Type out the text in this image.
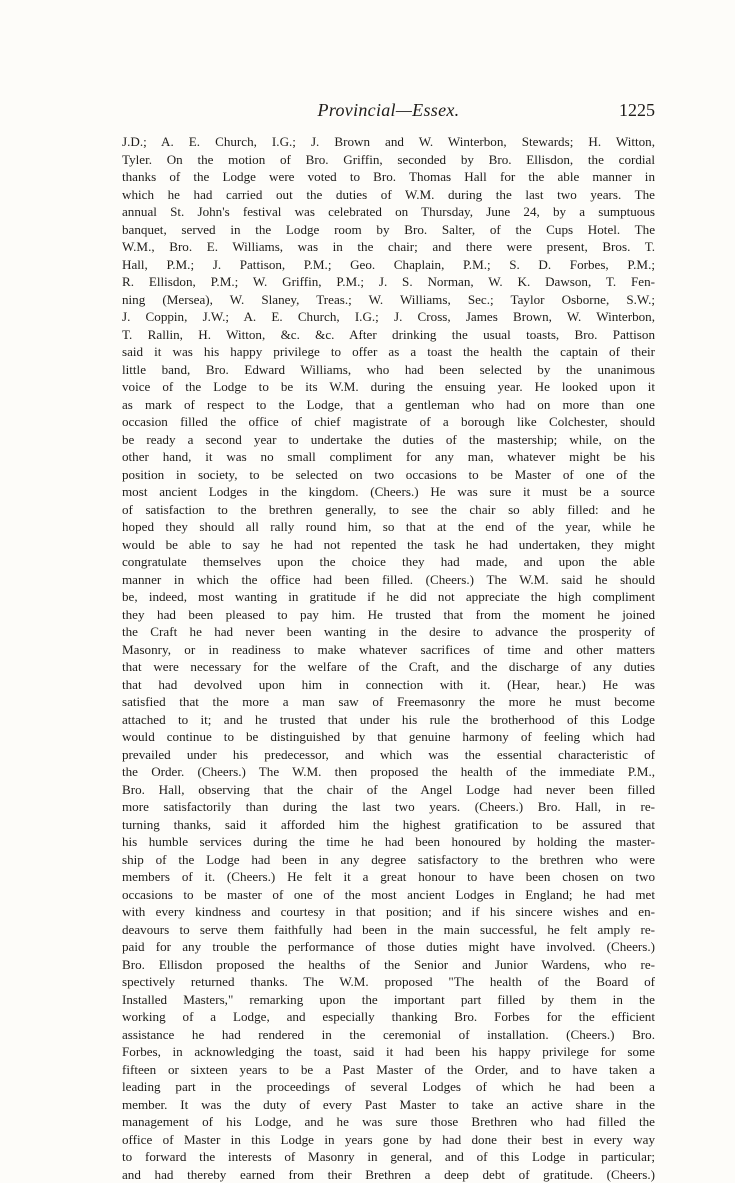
Provincial—Essex.	1225
J.D.; A. E. Church, I.G.; J. Brown and W. Winterbon, Stewards; H. Witton,
Tyler. On the motion of Bro. Griffin, seconded by Bro. Ellisdon, the cordial
thanks of the Lodge were voted to Bro. Thomas Hall for the able manner in
which he had carried out the duties of W.M. during the last two years. The
annual St. John's festival was celebrated on Thursday, June 24, by a sumptuous
banquet, served in the Lodge room by Bro. Salter, of the Cups Hotel. The
W.M., Bro. E. Williams, was in the chair; and there were present, Bros. T.
Hall, P.M.; J. Pattison, P.M.; Geo. Chaplain, P.M.; S. D. Forbes, P.M.;
R. Ellisdon, P.M.; W. Griffin, P.M.; J. S. Norman, W. K. Dawson, T. Fen-
ning (Mersea), W. Slaney, Treas.; W. Williams, Sec.; Taylor Osborne, S.W.;
J. Coppin, J.W.; A. E. Church, I.G.; J. Cross, James Brown, W. Winterbon,
T. Rallin, H. Witton, &c. &c. After drinking the usual toasts, Bro. Pattison
said it was his happy privilege to offer as a toast the health the captain of their
little band, Bro. Edward Williams, who had been selected by the unanimous
voice of the Lodge to be its W.M. during the ensuing year. He looked upon it
as mark of respect to the Lodge, that a gentleman who had on more than one
occasion filled the office of chief magistrate of a borough like Colchester, should
be ready a second year to undertake the duties of the mastership; while, on the
other hand, it was no small compliment for any man, whatever might be his
position in society, to be selected on two occasions to be Master of one of the
most ancient Lodges in the kingdom. (Cheers.) He was sure it must be a source
of satisfaction to the brethren generally, to see the chair so ably filled: and he
hoped they should all rally round him, so that at the end of the year, while he
would be able to say he had not repented the task he had undertaken, they might
congratulate themselves upon the choice they had made, and upon the able
manner in which the office had been filled. (Cheers.) The W.M. said he should
be, indeed, most wanting in gratitude if he did not appreciate the high compliment
they had been pleased to pay him. He trusted that from the moment he joined
the Craft he had never been wanting in the desire to advance the prosperity of
Masonry, or in readiness to make whatever sacrifices of time and other matters
that were necessary for the welfare of the Craft, and the discharge of any duties
that had devolved upon him in connection with it. (Hear, hear.) He was
satisfied that the more a man saw of Freemasonry the more he must become
attached to it; and he trusted that under his rule the brotherhood of this Lodge
would continue to be distinguished by that genuine harmony of feeling which had
prevailed under his predecessor, and which was the essential characteristic of
the Order. (Cheers.) The W.M. then proposed the health of the immediate P.M.,
Bro. Hall, observing that the chair of the Angel Lodge had never been filled
more satisfactorily than during the last two years. (Cheers.) Bro. Hall, in re-
turning thanks, said it afforded him the highest gratification to be assured that
his humble services during the time he had been honoured by holding the master-
ship of the Lodge had been in any degree satisfactory to the brethren who were
members of it. (Cheers.) He felt it a great honour to have been chosen on two
occasions to be master of one of the most ancient Lodges in England; he had met
with every kindness and courtesy in that position; and if his sincere wishes and en-
deavours to serve them faithfully had been in the main successful, he felt amply re-
paid for any trouble the performance of those duties might have involved. (Cheers.)
Bro. Ellisdon proposed the healths of the Senior and Junior Wardens, who re-
spectively returned thanks. The W.M. proposed "The health of the Board of
Installed Masters," remarking upon the important part filled by them in the
working of a Lodge, and especially thanking Bro. Forbes for the efficient
assistance he had rendered in the ceremonial of installation. (Cheers.) Bro.
Forbes, in acknowledging the toast, said it had been his happy privilege for some
fifteen or sixteen years to be a Past Master of the Order, and to have taken a
leading part in the proceedings of several Lodges of which he had been a
member. It was the duty of every Past Master to take an active share in the
management of his Lodge, and he was sure those Brethren who had filled the
office of Master in this Lodge in years gone by had done their best in every way
to forward the interests of Masonry in general, and of this Lodge in particular;
and had thereby earned from their Brethren a deep debt of gratitude. (Cheers.)
